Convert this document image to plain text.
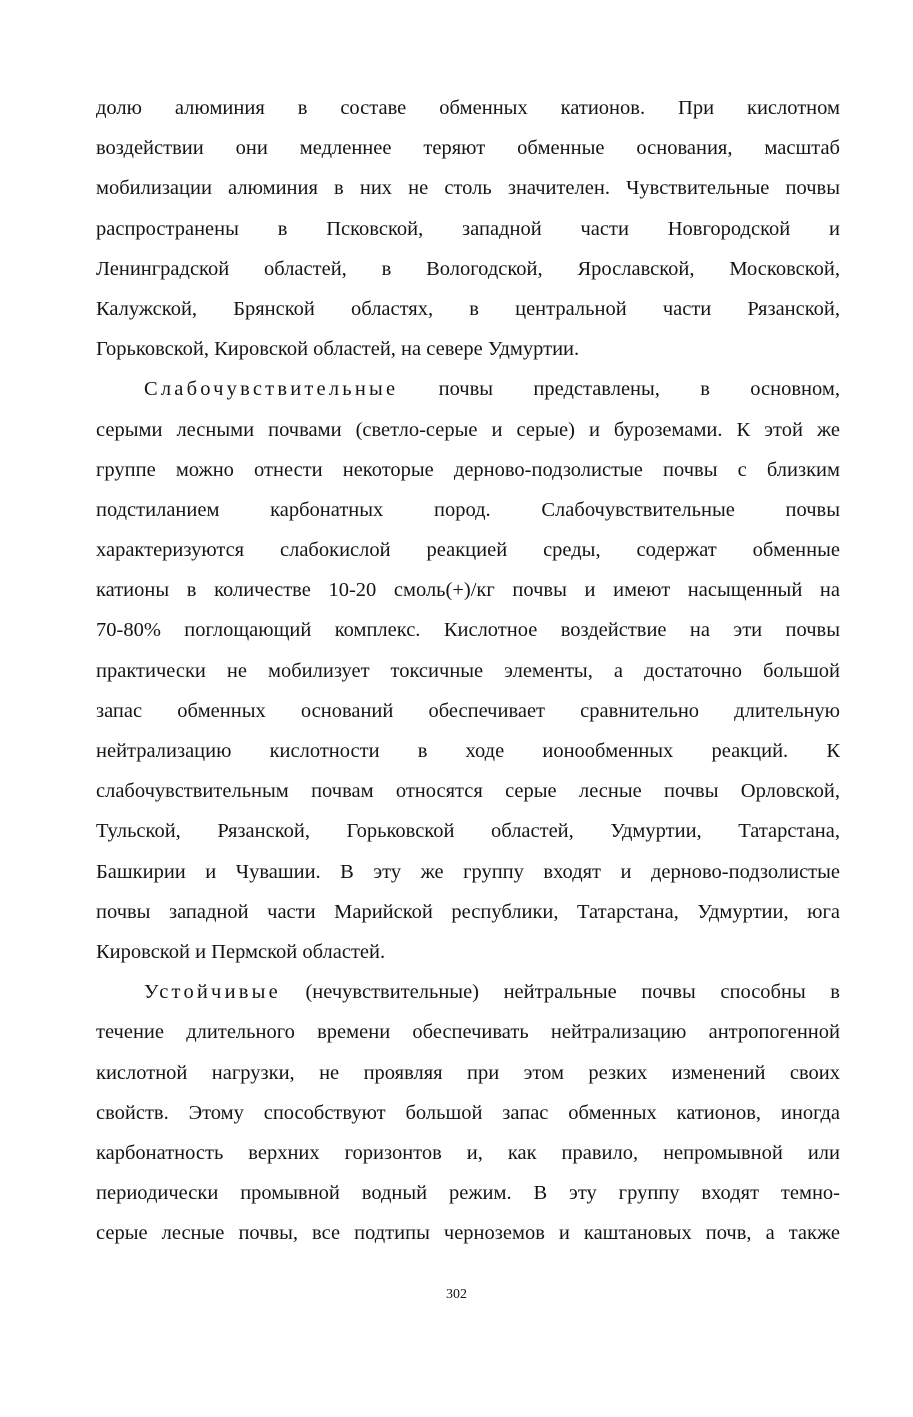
долю алюминия в составе обменных катионов. При кислотном
воздействии они медленнее теряют обменные основания, масштаб
мобилизации алюминия в них не столь значителен. Чувствительные почвы
распространены в Псковской, западной части Новгородской и
Ленинградской областей, в Вологодской, Ярославской, Московской,
Калужской, Брянской областях, в центральной части Рязанской,
Горьковской, Кировской областей, на севере Удмуртии.
Слабочувствительные почвы представлены, в основном,
серыми лесными почвами (светло-серые и серые) и буроземами. К этой же
группе можно отнести некоторые дерново-подзолистые почвы с близким
подстиланием карбонатных пород. Слабочувствительные почвы
характеризуются слабокислой реакцией среды, содержат обменные
катионы в количестве 10-20 смоль(+)/кг почвы и имеют насыщенный на
70-80% поглощающий комплекс. Кислотное воздействие на эти почвы
практически не мобилизует токсичные элементы, а достаточно большой
запас обменных оснований обеспечивает сравнительно длительную
нейтрализацию кислотности в ходе ионообменных реакций. К
слабочувствительным почвам относятся серые лесные почвы Орловской,
Тульской, Рязанской, Горьковской областей, Удмуртии, Татарстана,
Башкирии и Чувашии. В эту же группу входят и дерново-подзолистые
почвы западной части Марийской республики, Татарстана, Удмуртии, юга
Кировской и Пермской областей.
Устойчивые (нечувствительные) нейтральные почвы способны в
течение длительного времени обеспечивать нейтрализацию антропогенной
кислотной нагрузки, не проявляя при этом резких изменений своих
свойств. Этому способствуют большой запас обменных катионов, иногда
карбонатность верхних горизонтов и, как правило, непромывной или
периодически промывной водный режим. В эту группу входят темно-
серые лесные почвы, все подтипы черноземов и каштановых почв, а также
302
